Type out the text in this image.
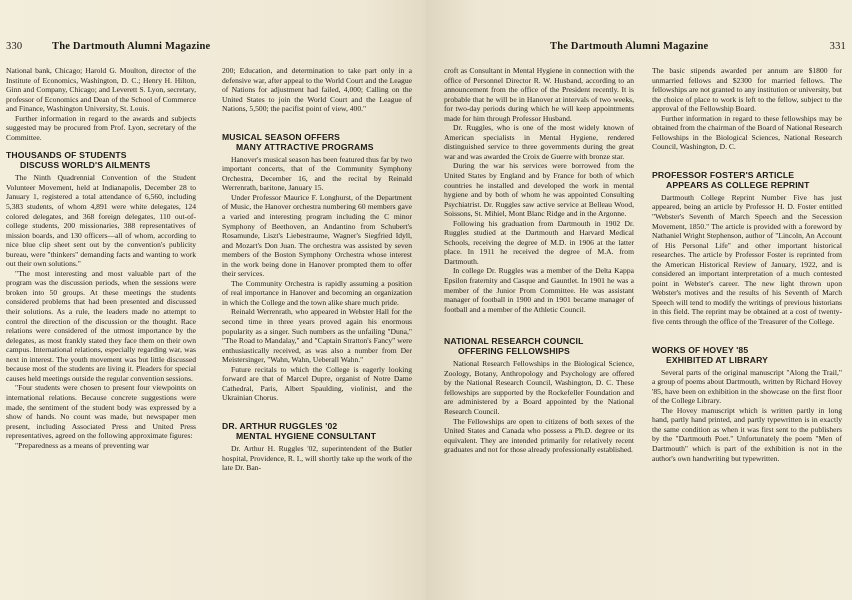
330	The Dartmouth Alumni Magazine

National bank, Chicago; Harold G. Moulton, director of the Institute of Economics, Washington, D. C.; Henry H. Hilton, Ginn and Company, Chicago; and Leverett S. Lyon, secretary, professor of Economics and Dean of the School of Commerce and Finance, Washington University, St. Louis.

Further information in regard to the awards and subjects suggested may be procured from Prof. Lyon, secretary of the Committee.

THOUSANDS OF STUDENTS
DISCUSS WORLD'S AILMENTS

The Ninth Quadrennial Convention of the Student Volunteer Movement, held at Indianapolis, December 28 to January 1, registered a total attendance of 6,560, including 5,383 students, of whom 4,891 were white delegates, 124 colored delegates, and 368 foreign delegates, 110 out-of-college students, 200 missionaries, 388 representatives of mission boards, and 130 officers—all of whom, according to nice blue clip sheet sent out by the convention's publicity bureau, were "thinkers" demanding facts and wanting to work out their own solutions."

"The most interesting and most valuable part of the program was the discussion periods, when the sessions were broken into 50 groups. At these meetings the students considered problems that had been presented and discussed their solutions. As a rule, the leaders made no attempt to control the direction of the discussion or the thought. Race relations were considered of the utmost importance by the delegates, as most frankly stated they face them on their own campus. International relations, especially regarding war, was next in interest. The youth movement was but little discussed because most of the students are living it. Pleaders for special causes held meetings outside the regular convention sessions.

"Four students were chosen to present four viewpoints on international relations. Because concrete suggestions were made, the sentiment of the student body was expressed by a show of hands. No count was made, but newspaper men present, including Associated Press and United Press representatives, agreed on the following approximate figures:

"Preparedness as a means of preventing war

200; Education, and determination to take part only in a defensive war, after appeal to the World Court and the League of Nations for adjustment had failed, 4,000; Calling on the United States to join the World Court and the League of Nations, 5,500; the pacifist point of view, 400."

MUSICAL SEASON OFFERS
MANY ATTRACTIVE PROGRAMS

Hanover's musical season has been featured thus far by two important concerts, that of the Community Symphony Orchestra, December 16, and the recital by Reinald Werrenrath, baritone, January 15.

Under Professor Maurice F. Longhurst, of the Department of Music, the Hanover orchestra numbering 60 members gave a varied and interesting program including the C minor Symphony of Beethoven, an Andantino from Schubert's Rosamunde, Liszt's Liebestraume, Wagner's Siegfried Idyll, and Mozart's Don Juan. The orchestra was assisted by seven members of the Boston Symphony Orchestra whose interest in the work being done in Hanover prompted them to offer their services.

The Community Orchestra is rapidly assuming a position of real importance in Hanover and becoming an organization in which the College and the town alike share much pride.

Reinald Werrenrath, who appeared in Webster Hall for the second time in three years proved again his enormous popularity as a singer. Such numbers as the unfailing "Duna," "The Road to Mandalay," and "Captain Stratton's Fancy" were enthusiastically received, as was also a number from Der Meistersinger, "Wahn, Wahn, Ueberall Wahn."

Future recitals to which the College is eagerly looking forward are that of Marcel Dupre, organist of Notre Dame Cathedral, Paris, Albert Spaulding, violinist, and the Ukrainian Chorus.

DR. ARTHUR RUGGLES '02
MENTAL HYGIENE CONSULTANT

Dr. Arthur H. Ruggles '02, superintendent of the Butler hospital, Providence, R. I., will shortly take up the work of the late Dr. Ban-

The Dartmouth Alumni Magazine	331

croft as Consultant in Mental Hygiene in connection with the office of Personnel Director R. W. Husband, according to an announcement from the office of the President recently. It is probable that he will be in Hanover at intervals of two weeks, for two-day periods during which he will keep appointments made for him through Professor Husband.

Dr. Ruggles, who is one of the most widely known of American specialists in Mental Hygiene, rendered distinguished service to three governments during the great war and was awarded the Croix de Guerre with bronze star.

During the war his services were borrowed from the United States by England and by France for both of which countries he installed and developed the work in mental hygiene and by both of whom he was appointed Consulting Psychiatrist. Dr. Ruggles saw active service at Belleau Wood, Soissons, St. Mihiel, Mont Blanc Ridge and in the Argonne.

Following his graduation from Dartmouth in 1902 Dr. Ruggles studied at the Dartmouth and Harvard Medical Schools, receiving the degree of M.D. in 1906 at the latter place. In 1911 he received the degree of M.A. from Dartmouth.

In college Dr. Ruggles was a member of the Delta Kappa Epsilon fraternity and Casque and Gauntlet. In 1901 he was a member of the Junior Prom Committee. He was assistant manager of football in 1900 and in 1901 became manager of football and a member of the Athletic Council.

NATIONAL RESEARCH COUNCIL
OFFERING FELLOWSHIPS

National Research Fellowships in the Biological Science, Zoology, Botany, Anthropology and Psychology are offered by the National Research Council, Washington, D. C. These fellowships are supported by the Rockefeller Foundation and are administered by a Board appointed by the National Research Council.

The Fellowships are open to citizens of both sexes of the United States and Canada who possess a Ph.D. degree or its equivalent. They are intended primarily for relatively recent graduates and not for those already professionally established.

The basic stipends awarded per annum are $1800 for unmarried fellows and $2300 for married fellows. The fellowships are not granted to any institution or university, but the choice of place to work is left to the fellow, subject to the approval of the Fellowship Board.

Further information in regard to these fellowships may be obtained from the chairman of the Board of National Research Fellowships in the Biological Sciences, National Research Council, Washington, D. C.

PROFESSOR FOSTER'S ARTICLE
APPEARS AS COLLEGE REPRINT

Dartmouth College Reprint Number Five has just appeared, being an article by Professor H. D. Foster entitled "Webster's Seventh of March Speech and the Secession Movement, 1850." The article is provided with a foreword by Nathaniel Wright Stephenson, author of "Lincoln, An Account of His Personal Life" and other important historical researches. The article by Professor Foster is reprinted from the American Historical Review of January, 1922, and is considered an important interpretation of a much contested point in Webster's career. The new light thrown upon Webster's motives and the results of his Seventh of March Speech will tend to modify the writings of previous historians in this field. The reprint may be obtained at a cost of twenty-five cents through the office of the Treasurer of the College.

WORKS OF HOVEY '85
EXHIBITED AT LIBRARY

Several parts of the original manuscript "Along the Trail," a group of poems about Dartmouth, written by Richard Hovey '85, have been on exhibition in the showcase on the first floor of the College Library.

The Hovey manuscript which is written partly in long hand, partly hand printed, and partly typewritten is in exactly the same condition as when it was first sent to the publishers by the "Dartmouth Poet." Unfortunately the poem "Men of Dartmouth" which is part of the exhibition is not in the author's own handwriting but typewritten.
